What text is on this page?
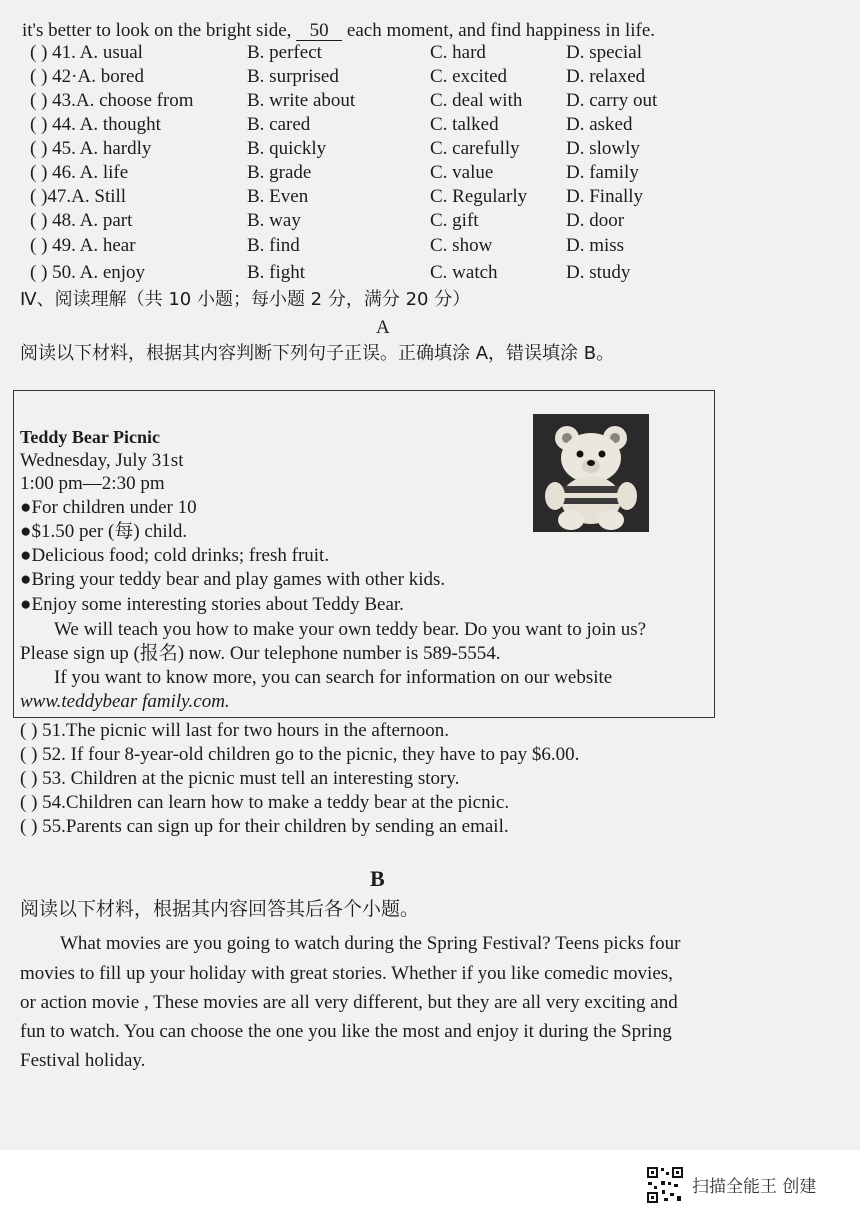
it's better to look on the bright side, 50 each moment, and find happiness in life.
( ) 41. A. usual	B. perfect	C. hard	D. special
( ) 42·A. bored	B. surprised	C. excited	D. relaxed
( ) 43.A. choose from	B. write about	C. deal with D. carry out
( ) 44. A. thought	B. cared	C. talked	D. asked
( ) 45. A. hardly	B. quickly	C. carefully D. slowly
( ) 46. A. life	B. grade	C. value	D. family
( )47.A. Still	B. Even	C. Regularly D. Finally
( ) 48. A. part	B. way	C. gift	D. door
( ) 49. A. hear	B. find	C. show	D. miss
( ) 50. A. enjoy	B. fight	C. watch	D. study
Ⅳ、阅读理解（共 10 小题；每小题 2 分，满分 20 分）
A
阅读以下材料，根据其内容判断下列句子正误。正确填涂 A，错误填涂 B。
Teddy Bear Picnic
Wednesday, July 31st
1:00 pm—2:30 pm
●For children under 10
●$1.50 per (每) child.
●Delicious food; cold drinks; fresh fruit.
●Bring your teddy bear and play games with other kids.
●Enjoy some interesting stories about Teddy Bear.
We will teach you how to make your own teddy bear. Do you want to join us?
Please sign up (报名) now. Our telephone number is 589-5554.
If you want to know more, you can search for information on our website
www.teddybear family.com.
( ) 51.The picnic will last for two hours in the afternoon.
( ) 52. If four 8-year-old children go to the picnic, they have to pay $6.00.
( ) 53. Children at the picnic must tell an interesting story.
( ) 54.Children can learn how to make a teddy bear at the picnic.
( ) 55.Parents can sign up for their children by sending an email.
B
阅读以下材料，根据其内容回答其后各个小题。
What movies are you going to watch during the Spring Festival? Teens picks four
movies to fill up your holiday with great stories. Whether if you like comedic movies,
or action movie , These movies are all very different, but they are all very exciting and
fun to watch. You can choose the one you like the most and enjoy it during the Spring
Festival holiday.
扫描全能王 创建
